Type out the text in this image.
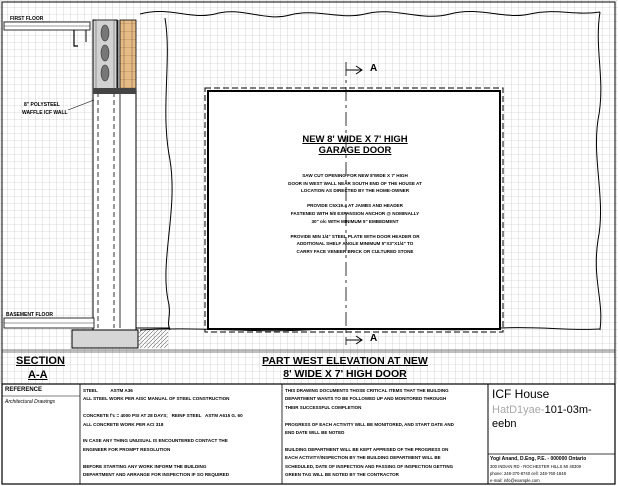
FIRST FLOOR
8" POLYSTEEL
WAFFLE ICF WALL
BASEMENT FLOOR
SECTION
A-A
A
A
NEW 8' WIDE X 7' HIGH
GARAGE DOOR
SAW CUT OPENING FOR NEW 8'WIDE X 7' HIGH
DOOR IN WEST WALL NEAR SOUTH END OF THE HOUSE AT
LOCATION AS DIRECTED BY THE HOME-OWNER

PROVIDE C5X19.4 AT JAMBS AND HEADER
FASTENED WITH 5/8 EXPANSION ANCHOR @ NOMINALLY
30" o/c WITH MINIMUM 5" EMBEDMENT

PROVIDE MIN 1/4" STEEL PLATE WITH DOOR HEADER OR
ADDITIONAL SHELF ANGLE MINIMUM 5"X3"X1/4" TO
CARRY FACE VENEER BRICK OR CULTURED STONE
PART WEST ELEVATION AT NEW
8' WIDE X 7' HIGH DOOR
REFERENCE
Architectural Drawings
STEEL          ASTM A36
ALL STEEL WORK PER AISC MANUAL OF STEEL CONSTRUCTION

CONCRETE f'c = 4000 PSI AT 28 DAYS;   REINF STEEL   ASTM A615 G. 60
ALL CONCRETE WORK PER ACI 318

IN CASE ANY THING UNUSUAL IS ENCOUNTERED CONTACT THE
ENGINEER FOR PROMPT RESOLUTION

BEFORE STARTING ANY WORK INFORM THE BUILDING
DEPARTMENT AND ARRANGE FOR INSPECTION IF SO REQUIRED
THIS DRAWING DOCUMENTS THOSE CRITICAL ITEMS THAT THE BUILDING
DEPARTMENT WANTS TO BE FOLLOWED UP AND MONITORED THROUGH
THEIR SUCCESSFUL COMPLETION

PROGRESS OF EACH ACTIVITY WILL BE MONITORED, AND START DATE AND
END DATE WILL BE NOTED

BUILDING DEPARTMENT WILL BE KEPT APPRISED OF THE PROGRESS ON
EACH ACTIVITY/INSPECTION BY THE BUILDING DEPARTMENT WILL BE
SCHEDULED, DATE OF INSPECTION AND PASSING OF INSPECTION GETTING
GREEN TAG WILL BE NOTED BY THE CONTRACTOR
ICF House
HatD1yae-101-03m-
eebn
Yogi Anand, D.Eng, P.E. - 000000 Ontario
300 INDIAN RD - ROCHESTER HILLS MI 48309
phone: 248-370-8740 cell: 248-760-1848
e-mail: info@example.com
